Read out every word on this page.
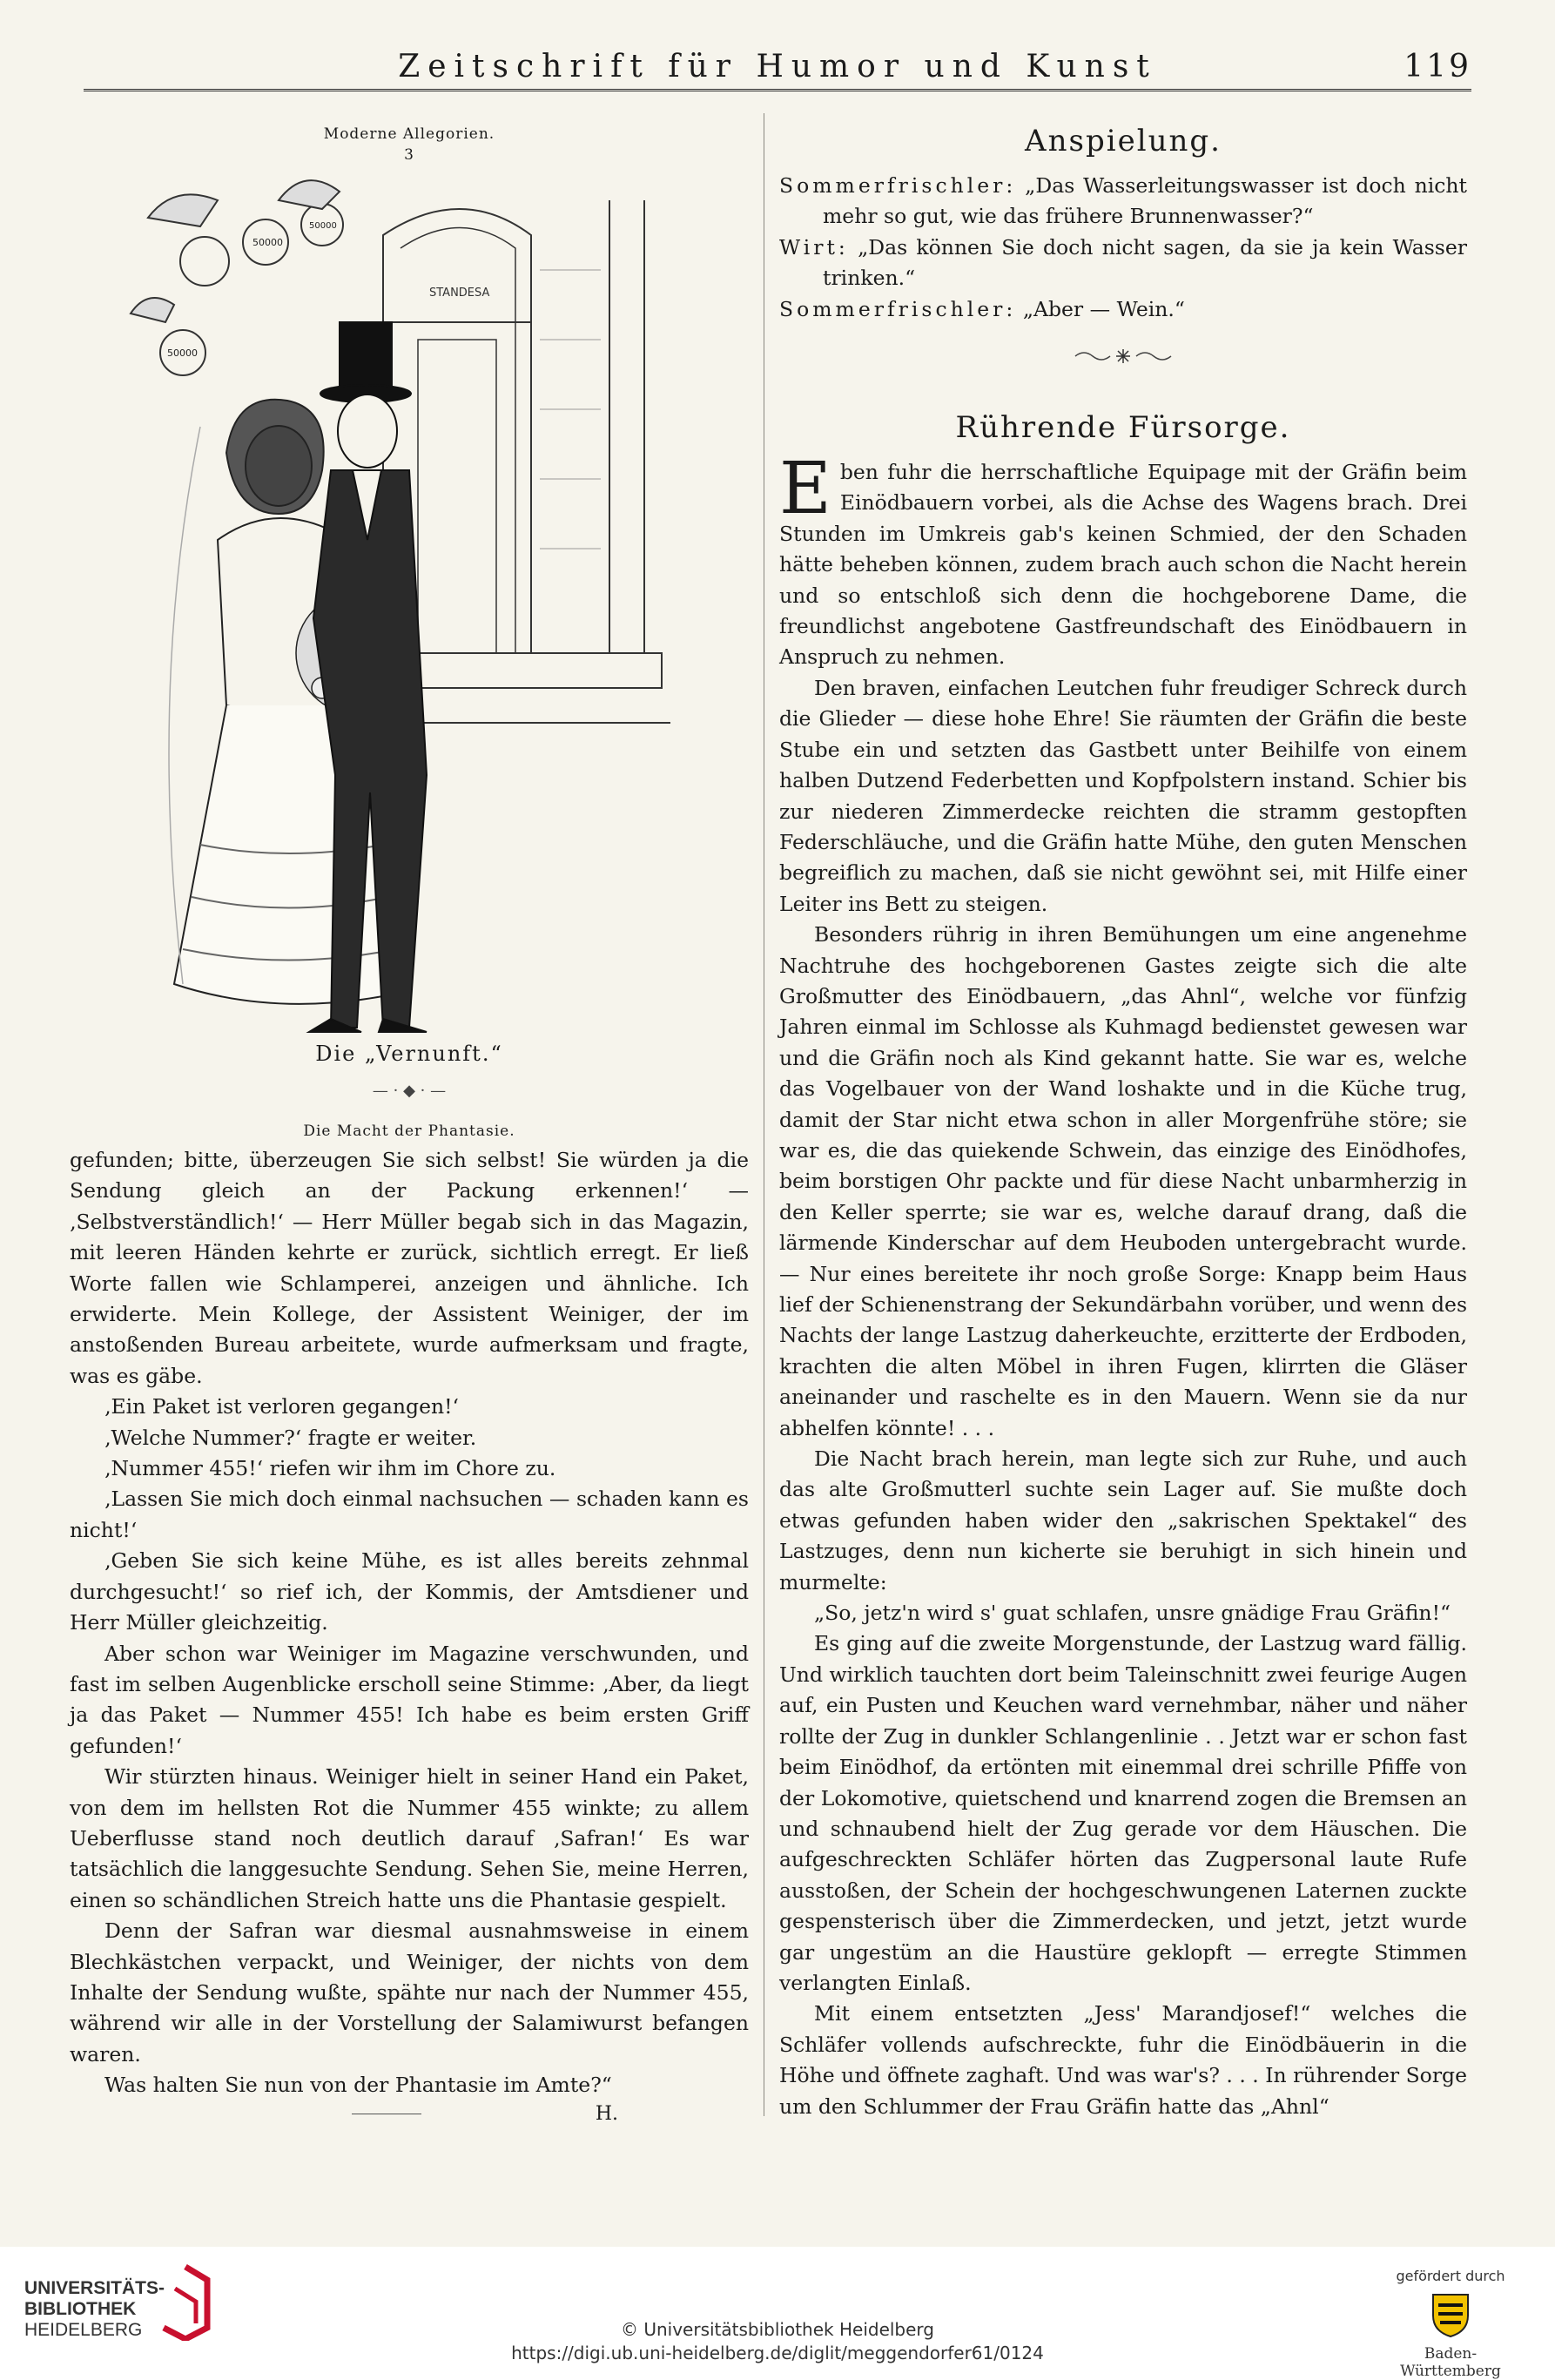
Zeitschrift für Humor und Kunst	119
Moderne Allegorien.
3
STANDESA
50000
50000
50000
Die „Vernunft.“
— · ◆ · —
Die Macht der Phantasie.

gefunden; bitte, überzeugen Sie sich selbst! Sie würden ja die Sendung gleich an der Packung erkennen!‘ — ‚Selbstverständlich!‘ — Herr Müller begab sich in das Magazin, mit leeren Händen kehrte er zurück, sichtlich erregt. Er ließ Worte fallen wie Schlamperei, anzeigen und ähnliche. Ich erwiderte. Mein Kollege, der Assistent Weiniger, der im anstoßenden Bureau arbeitete, wurde aufmerksam und fragte, was es gäbe.

‚Ein Paket ist verloren gegangen!‘

‚Welche Nummer?‘ fragte er weiter.

‚Nummer 455!‘ riefen wir ihm im Chore zu.

‚Lassen Sie mich doch einmal nachsuchen — schaden kann es nicht!‘

‚Geben Sie sich keine Mühe, es ist alles bereits zehnmal durchgesucht!‘ so rief ich, der Kommis, der Amtsdiener und Herr Müller gleichzeitig.

Aber schon war Weiniger im Magazine verschwunden, und fast im selben Augenblicke erscholl seine Stimme: ‚Aber, da liegt ja das Paket — Nummer 455! Ich habe es beim ersten Griff gefunden!‘

Wir stürzten hinaus. Weiniger hielt in seiner Hand ein Paket, von dem im hellsten Rot die Nummer 455 winkte; zu allem Ueberflusse stand noch deutlich darauf ‚Safran!‘ Es war tatsächlich die langgesuchte Sendung. Sehen Sie, meine Herren, einen so schändlichen Streich hatte uns die Phantasie gespielt.

Denn der Safran war diesmal ausnahmsweise in einem Blechkästchen verpackt, und Weiniger, der nichts von dem Inhalte der Sendung wußte, spähte nur nach der Nummer 455, während wir alle in der Vorstellung der Salamiwurst befangen waren.

Was halten Sie nun von der Phantasie im Amte?“

H.
Anspielung.

Sommerfrischler: „Das Wasserleitungswasser ist doch nicht mehr so gut, wie das frühere Brunnenwasser?“

Wirt: „Das können Sie doch nicht sagen, da sie ja kein Wasser trinken.“

Sommerfrischler: „Aber — Wein.“

Rührende Fürsorge.

Eben fuhr die herrschaftliche Equipage mit der Gräfin beim Einödbauern vorbei, als die Achse des Wagens brach. Drei Stunden im Umkreis gab's keinen Schmied, der den Schaden hätte beheben können, zudem brach auch schon die Nacht herein und so entschloß sich denn die hochgeborene Dame, die freundlichst angebotene Gastfreundschaft des Einödbauern in Anspruch zu nehmen.

Den braven, einfachen Leutchen fuhr freudiger Schreck durch die Glieder — diese hohe Ehre! Sie räumten der Gräfin die beste Stube ein und setzten das Gastbett unter Beihilfe von einem halben Dutzend Federbetten und Kopfpolstern instand. Schier bis zur niederen Zimmerdecke reichten die stramm gestopften Federschläuche, und die Gräfin hatte Mühe, den guten Menschen begreiflich zu machen, daß sie nicht gewöhnt sei, mit Hilfe einer Leiter ins Bett zu steigen.

Besonders rührig in ihren Bemühungen um eine angenehme Nachtruhe des hochgeborenen Gastes zeigte sich die alte Großmutter des Einödbauern, „das Ahnl“, welche vor fünfzig Jahren einmal im Schlosse als Kuhmagd bedienstet gewesen war und die Gräfin noch als Kind gekannt hatte. Sie war es, welche das Vogelbauer von der Wand loshakte und in die Küche trug, damit der Star nicht etwa schon in aller Morgenfrühe störe; sie war es, die das quiekende Schwein, das einzige des Einödhofes, beim borstigen Ohr packte und für diese Nacht unbarmherzig in den Keller sperrte; sie war es, welche darauf drang, daß die lärmende Kinderschar auf dem Heuboden untergebracht wurde. — Nur eines bereitete ihr noch große Sorge: Knapp beim Haus lief der Schienenstrang der Sekundärbahn vorüber, und wenn des Nachts der lange Lastzug daherkeuchte, erzitterte der Erdboden, krachten die alten Möbel in ihren Fugen, klirrten die Gläser aneinander und raschelte es in den Mauern. Wenn sie da nur abhelfen könnte! . . .

Die Nacht brach herein, man legte sich zur Ruhe, und auch das alte Großmutterl suchte sein Lager auf. Sie mußte doch etwas gefunden haben wider den „sakrischen Spektakel“ des Lastzuges, denn nun kicherte sie beruhigt in sich hinein und murmelte:

„So, jetz'n wird s' guat schlafen, unsre gnädige Frau Gräfin!“

Es ging auf die zweite Morgenstunde, der Lastzug ward fällig. Und wirklich tauchten dort beim Taleinschnitt zwei feurige Augen auf, ein Pusten und Keuchen ward vernehmbar, näher und näher rollte der Zug in dunkler Schlangenlinie . . Jetzt war er schon fast beim Einödhof, da ertönten mit einemmal drei schrille Pfiffe von der Lokomotive, quietschend und knarrend zogen die Bremsen an und schnaubend hielt der Zug gerade vor dem Häuschen. Die aufgeschreckten Schläfer hörten das Zugpersonal laute Rufe ausstoßen, der Schein der hochgeschwungenen Laternen zuckte gespensterisch über die Zimmerdecken, und jetzt, jetzt wurde gar ungestüm an die Haustüre geklopft — erregte Stimmen verlangten Einlaß.

Mit einem entsetzten „Jess' Marandjosef!“ welches die Schläfer vollends aufschreckte, fuhr die Einödbäuerin in die Höhe und öffnete zaghaft. Und was war's? . . . In rührender Sorge um den Schlummer der Frau Gräfin hatte das „Ahnl“

UNIVERSITÄTS-
BIBLIOTHEK
HEIDELBERG	© Universitätsbibliothek Heidelberg
https://digi.ub.uni-heidelberg.de/diglit/meggendorfer61/0124
gefördert durch
Baden-Württemberg
